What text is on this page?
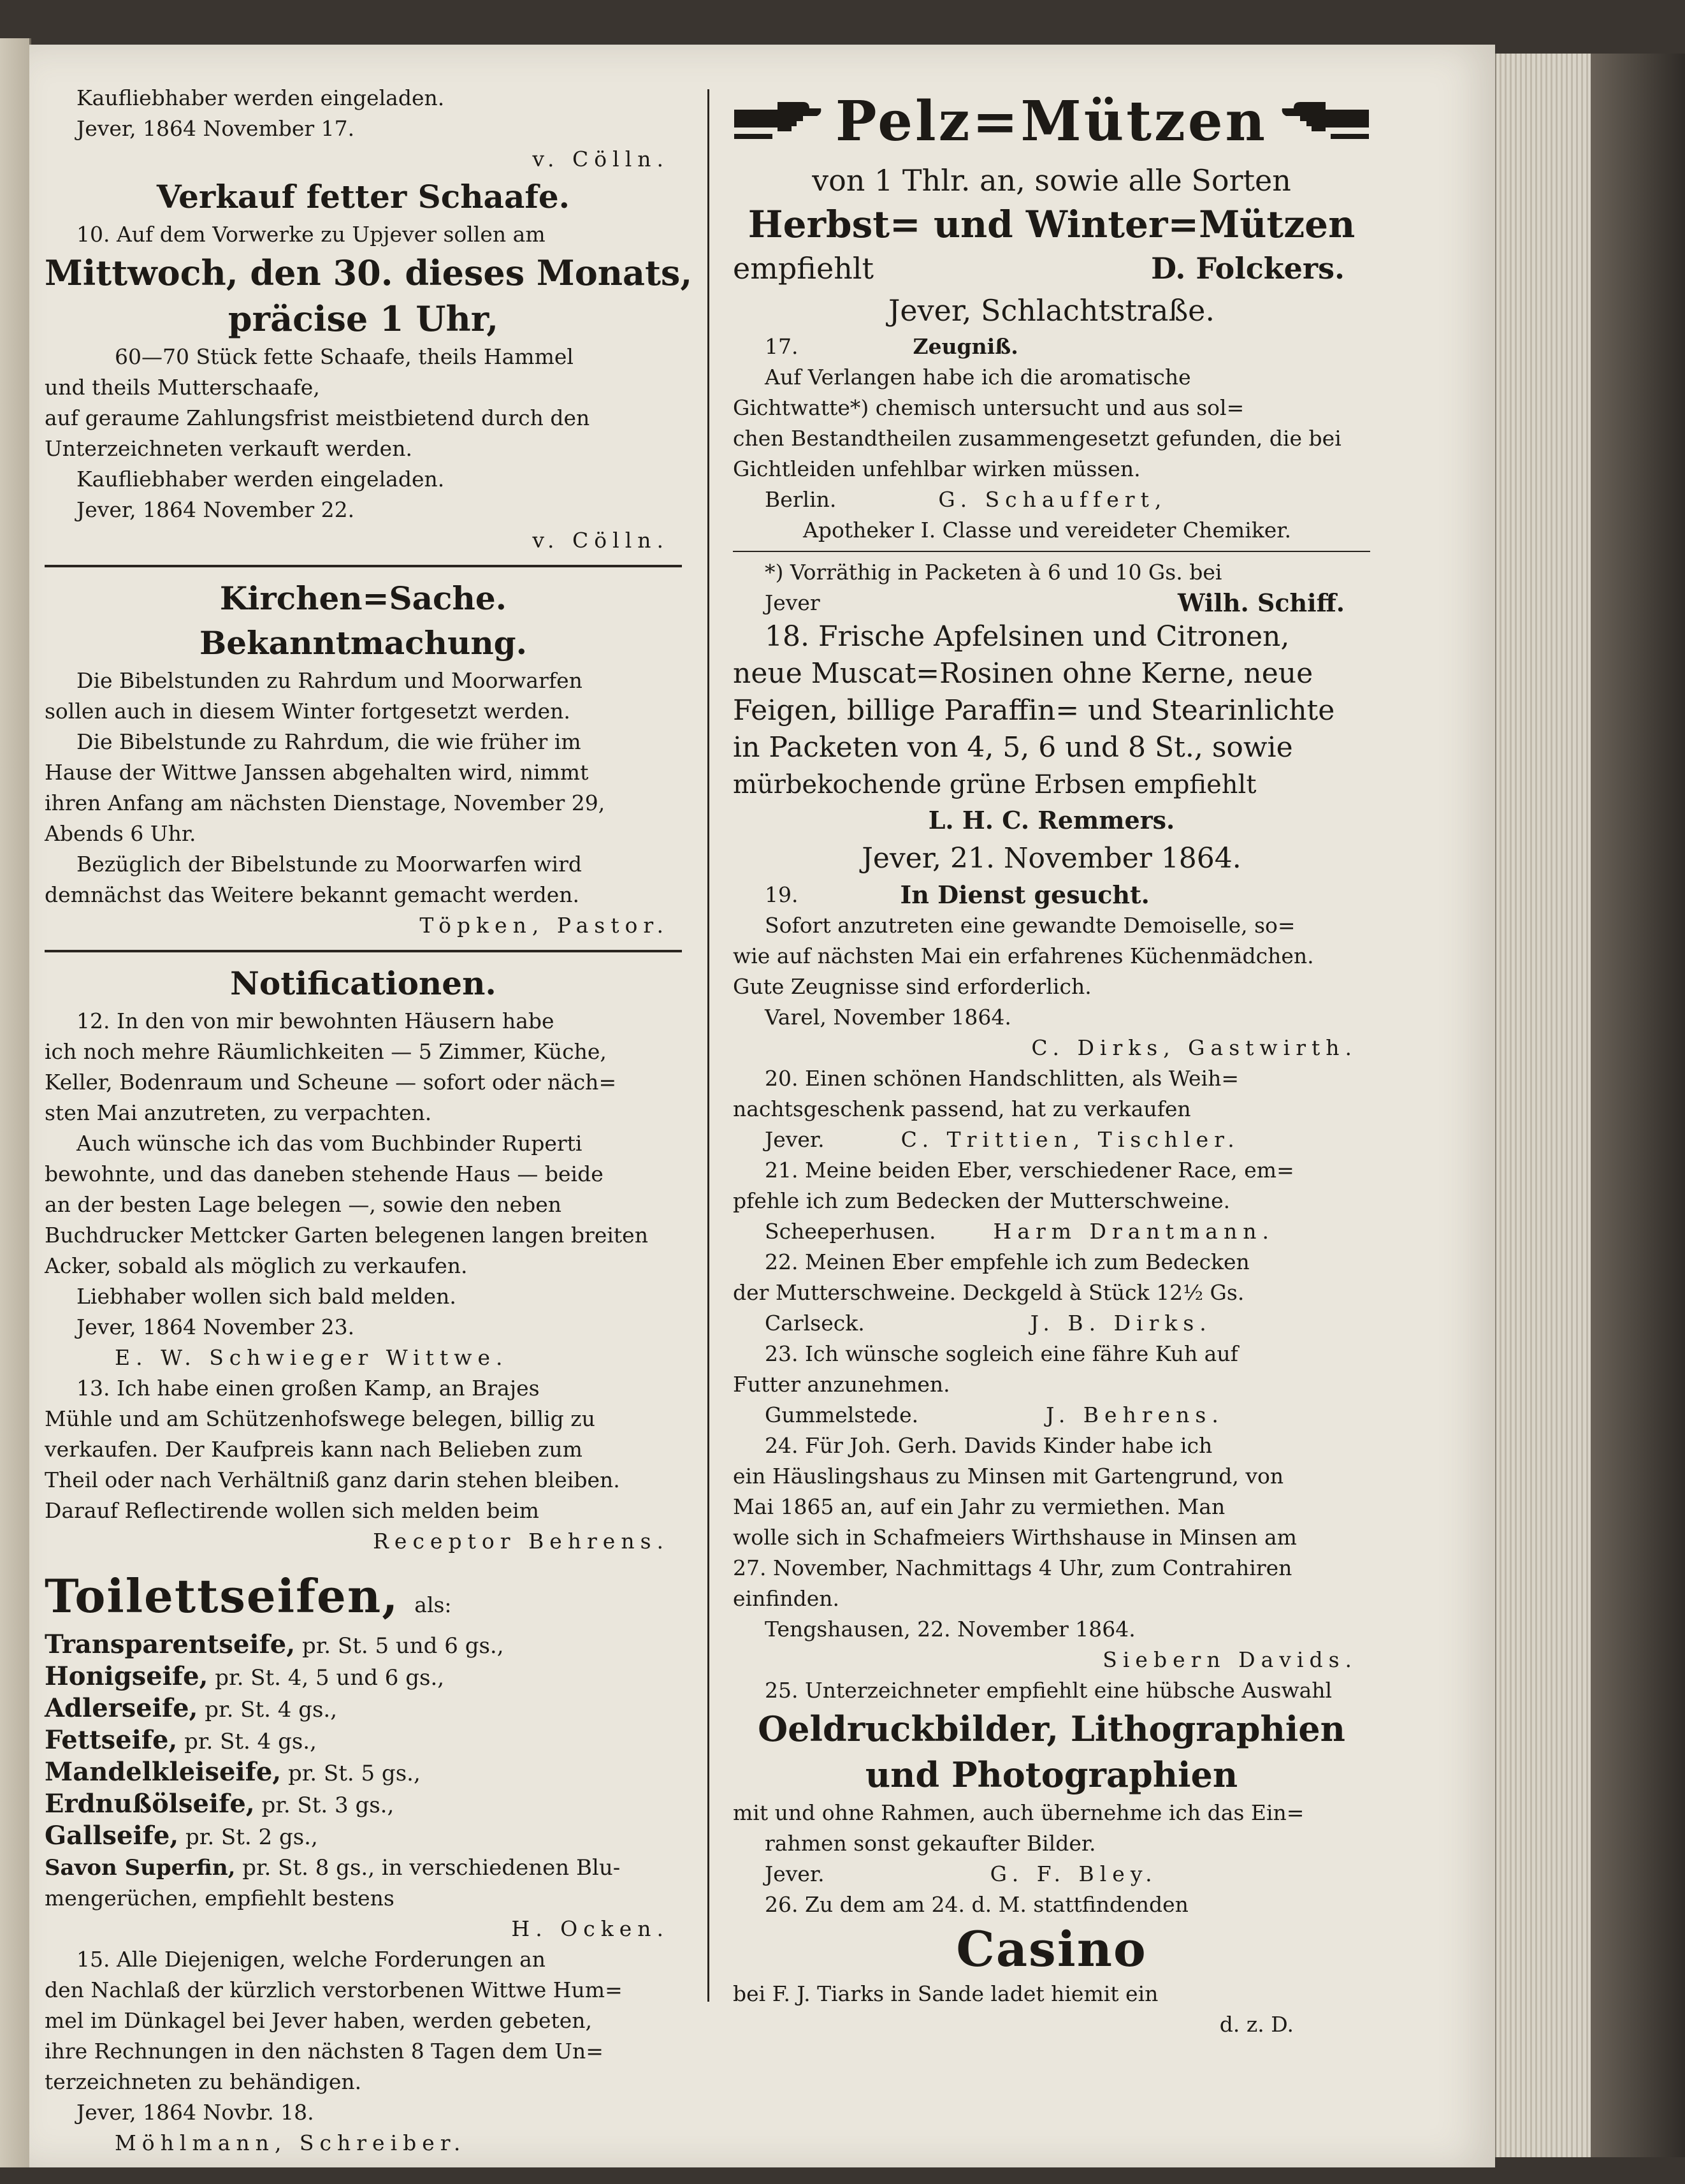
Kaufliebhaber werden eingeladen.
Jever, 1864 November 17.
v. Cölln.
Verkauf fetter Schaafe.
10. Auf dem Vorwerke zu Upjever sollen am
Mittwoch, den 30. dieses Monats,
präcise 1 Uhr,
60—70 Stück fette Schaafe, theils Hammel
und theils Mutterschaafe,
auf geraume Zahlungsfrist meistbietend durch den
Unterzeichneten verkauft werden.
Kaufliebhaber werden eingeladen.
Jever, 1864 November 22.
v. Cölln.
Kirchen=Sache.
Bekanntmachung.
Die Bibelstunden zu Rahrdum und Moorwarfen
sollen auch in diesem Winter fortgesetzt werden.
Die Bibelstunde zu Rahrdum, die wie früher im
Hause der Wittwe Janssen abgehalten wird, nimmt
ihren Anfang am nächsten Dienstage, November 29,
Abends 6 Uhr.
Bezüglich der Bibelstunde zu Moorwarfen wird
demnächst das Weitere bekannt gemacht werden.
Töpken, Pastor.
Notificationen.
12. In den von mir bewohnten Häusern habe
ich noch mehre Räumlichkeiten — 5 Zimmer, Küche,
Keller, Bodenraum und Scheune — sofort oder näch=
sten Mai anzutreten, zu verpachten.
Auch wünsche ich das vom Buchbinder Ruperti
bewohnte, und das daneben stehende Haus — beide
an der besten Lage belegen —, sowie den neben
Buchdrucker Mettcker Garten belegenen langen breiten
Acker, sobald als möglich zu verkaufen.
Liebhaber wollen sich bald melden.
Jever, 1864 November 23.
E. W. Schwieger Wittwe.
13. Ich habe einen großen Kamp, an Brajes
Mühle und am Schützenhofswege belegen, billig zu
verkaufen. Der Kaufpreis kann nach Belieben zum
Theil oder nach Verhältniß ganz darin stehen bleiben.
Darauf Reflectirende wollen sich melden beim
Receptor Behrens.
Toilettseifen, als:
Transparentseife, pr. St. 5 und 6 gs.,
Honigseife, pr. St. 4, 5 und 6 gs.,
Adlerseife, pr. St. 4 gs.,
Fettseife, pr. St. 4 gs.,
Mandelkleiseife, pr. St. 5 gs.,
Erdnußölseife, pr. St. 3 gs.,
Gallseife, pr. St. 2 gs.,
Savon Superfin, pr. St. 8 gs., in verschiedenen Blu-
mengerüchen, empfiehlt bestens
H. Ocken.
15. Alle Diejenigen, welche Forderungen an
den Nachlaß der kürzlich verstorbenen Wittwe Hum=
mel im Dünkagel bei Jever haben, werden gebeten,
ihre Rechnungen in den nächsten 8 Tagen dem Un=
terzeichneten zu behändigen.
Jever, 1864 Novbr. 18.
Möhlmann, Schreiber.
Pelz=Mützen
von 1 Thlr. an, sowie alle Sorten
Herbst= und Winter=Mützen
empfiehlt	D. Folckers.
Jever, Schlachtstraße.
17.	Zeugniß.
Auf Verlangen habe ich die aromatische
Gichtwatte*) chemisch untersucht und aus sol=
chen Bestandtheilen zusammengesetzt gefunden, die bei
Gichtleiden unfehlbar wirken müssen.
Berlin.	G. Schauffert,
Apotheker I. Classe und vereideter Chemiker.
*) Vorräthig in Packeten à 6 und 10 Gs. bei
Jever	Wilh. Schiff.
18. Frische Apfelsinen und Citronen,
neue Muscat=Rosinen ohne Kerne, neue
Feigen, billige Paraffin= und Stearinlichte
in Packeten von 4, 5, 6 und 8 St., sowie
mürbekochende grüne Erbsen empfiehlt
L. H. C. Remmers.
Jever, 21. November 1864.
19.	In Dienst gesucht.
Sofort anzutreten eine gewandte Demoiselle, so=
wie auf nächsten Mai ein erfahrenes Küchenmädchen.
Gute Zeugnisse sind erforderlich.
Varel, November 1864.
C. Dirks, Gastwirth.
20. Einen schönen Handschlitten, als Weih=
nachtsgeschenk passend, hat zu verkaufen
Jever.	C. Trittien, Tischler.
21. Meine beiden Eber, verschiedener Race, em=
pfehle ich zum Bedecken der Mutterschweine.
Scheeperhusen.	Harm Drantmann.
22. Meinen Eber empfehle ich zum Bedecken
der Mutterschweine. Deckgeld à Stück 12½ Gs.
Carlseck.	J. B. Dirks.
23. Ich wünsche sogleich eine fähre Kuh auf
Futter anzunehmen.
Gummelstede.	J. Behrens.
24. Für Joh. Gerh. Davids Kinder habe ich
ein Häuslingshaus zu Minsen mit Gartengrund, von
Mai 1865 an, auf ein Jahr zu vermiethen. Man
wolle sich in Schafmeiers Wirthshause in Minsen am
27. November, Nachmittags 4 Uhr, zum Contrahiren
einfinden.
Tengshausen, 22. November 1864.
Siebern Davids.
25. Unterzeichneter empfiehlt eine hübsche Auswahl
Oeldruckbilder, Lithographien
und Photographien
mit und ohne Rahmen, auch übernehme ich das Ein=
rahmen sonst gekaufter Bilder.
Jever.	G. F. Bley.
26. Zu dem am 24. d. M. stattfindenden
Casino
bei F. J. Tiarks in Sande ladet hiemit ein
d. z. D.
